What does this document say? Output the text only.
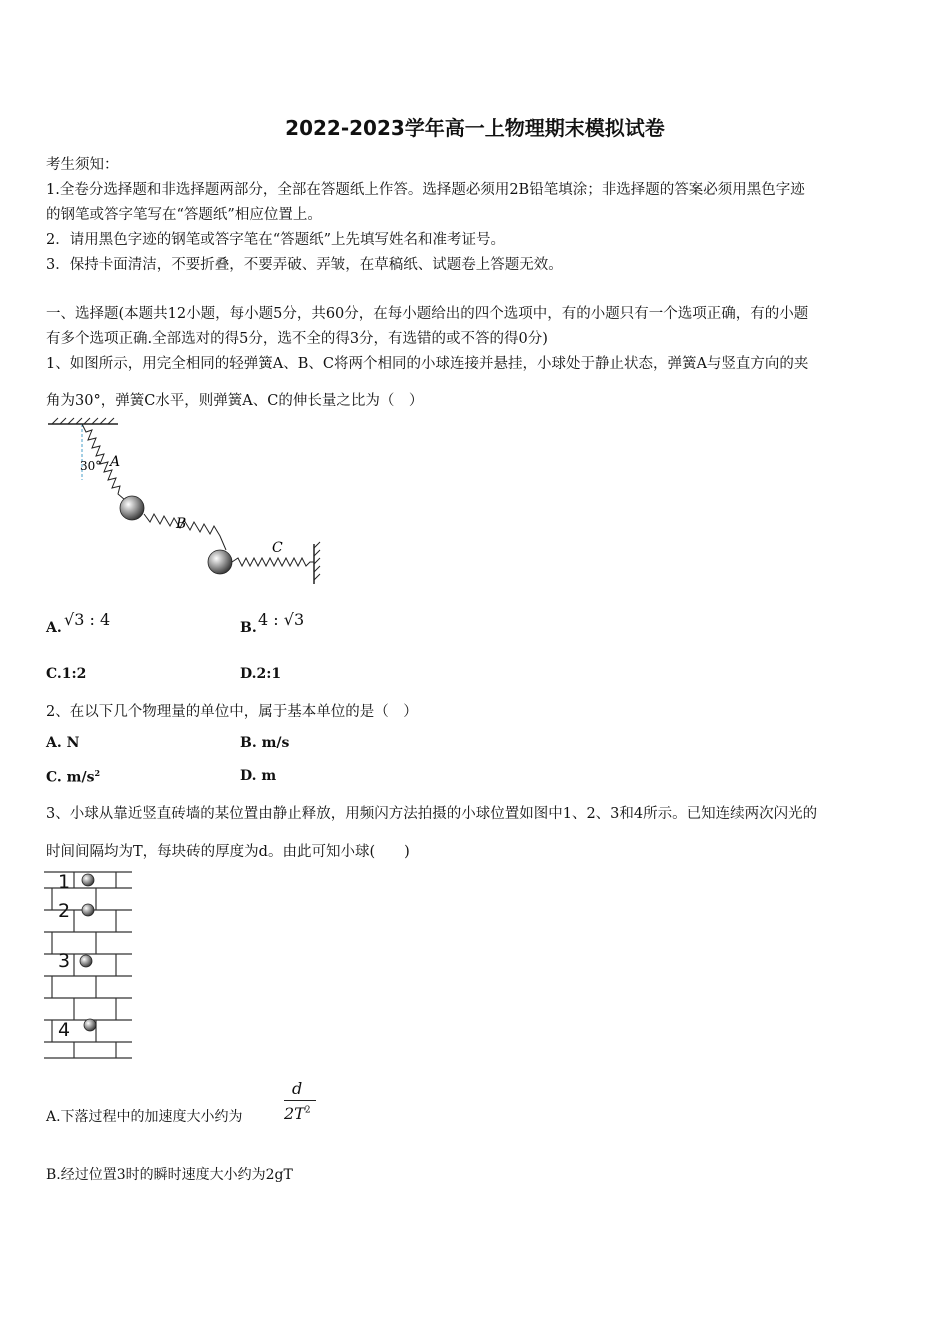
2022-2023学年高一上物理期末模拟试卷
考生须知：
1.全卷分选择题和非选择题两部分，全部在答题纸上作答。选择题必须用2B铅笔填涂；非选择题的答案必须用黑色字迹
的钢笔或答字笔写在“答题纸”相应位置上。
2．请用黑色字迹的钢笔或答字笔在“答题纸”上先填写姓名和准考证号。
3．保持卡面清洁，不要折叠，不要弄破、弄皱，在草稿纸、试题卷上答题无效。
一、选择题(本题共12小题，每小题5分，共60分，在每小题给出的四个选项中，有的小题只有一个选项正确，有的小题
有多个选项正确.全部选对的得5分，选不全的得3分，有选错的或不答的得0分)
1、如图所示，用完全相同的轻弹簧A、B、C将两个相同的小球连接并悬挂，小球处于静止状态，弹簧A与竖直方向的夹
角为30°，弹簧C水平，则弹簧A、C的伸长量之比为（　）
30° A
B
C
A. √3 : 4	B. 4 : √3
C.1:2	D.2:1
2、在以下几个物理量的单位中，属于基本单位的是（　）
A. N	B. m/s
C. $m/s^2$	D. m
3、小球从靠近竖直砖墙的某位置由静止释放，用频闪方法拍摄的小球位置如图中1、2、3和4所示。已知连续两次闪光的
时间间隔均为T，每块砖的厚度为d。由此可知小球(　　)
1
2
3
4
A.下落过程中的加速度大小约为
d
$2T^2$
B.经过位置3时的瞬时速度大小约为2gT
